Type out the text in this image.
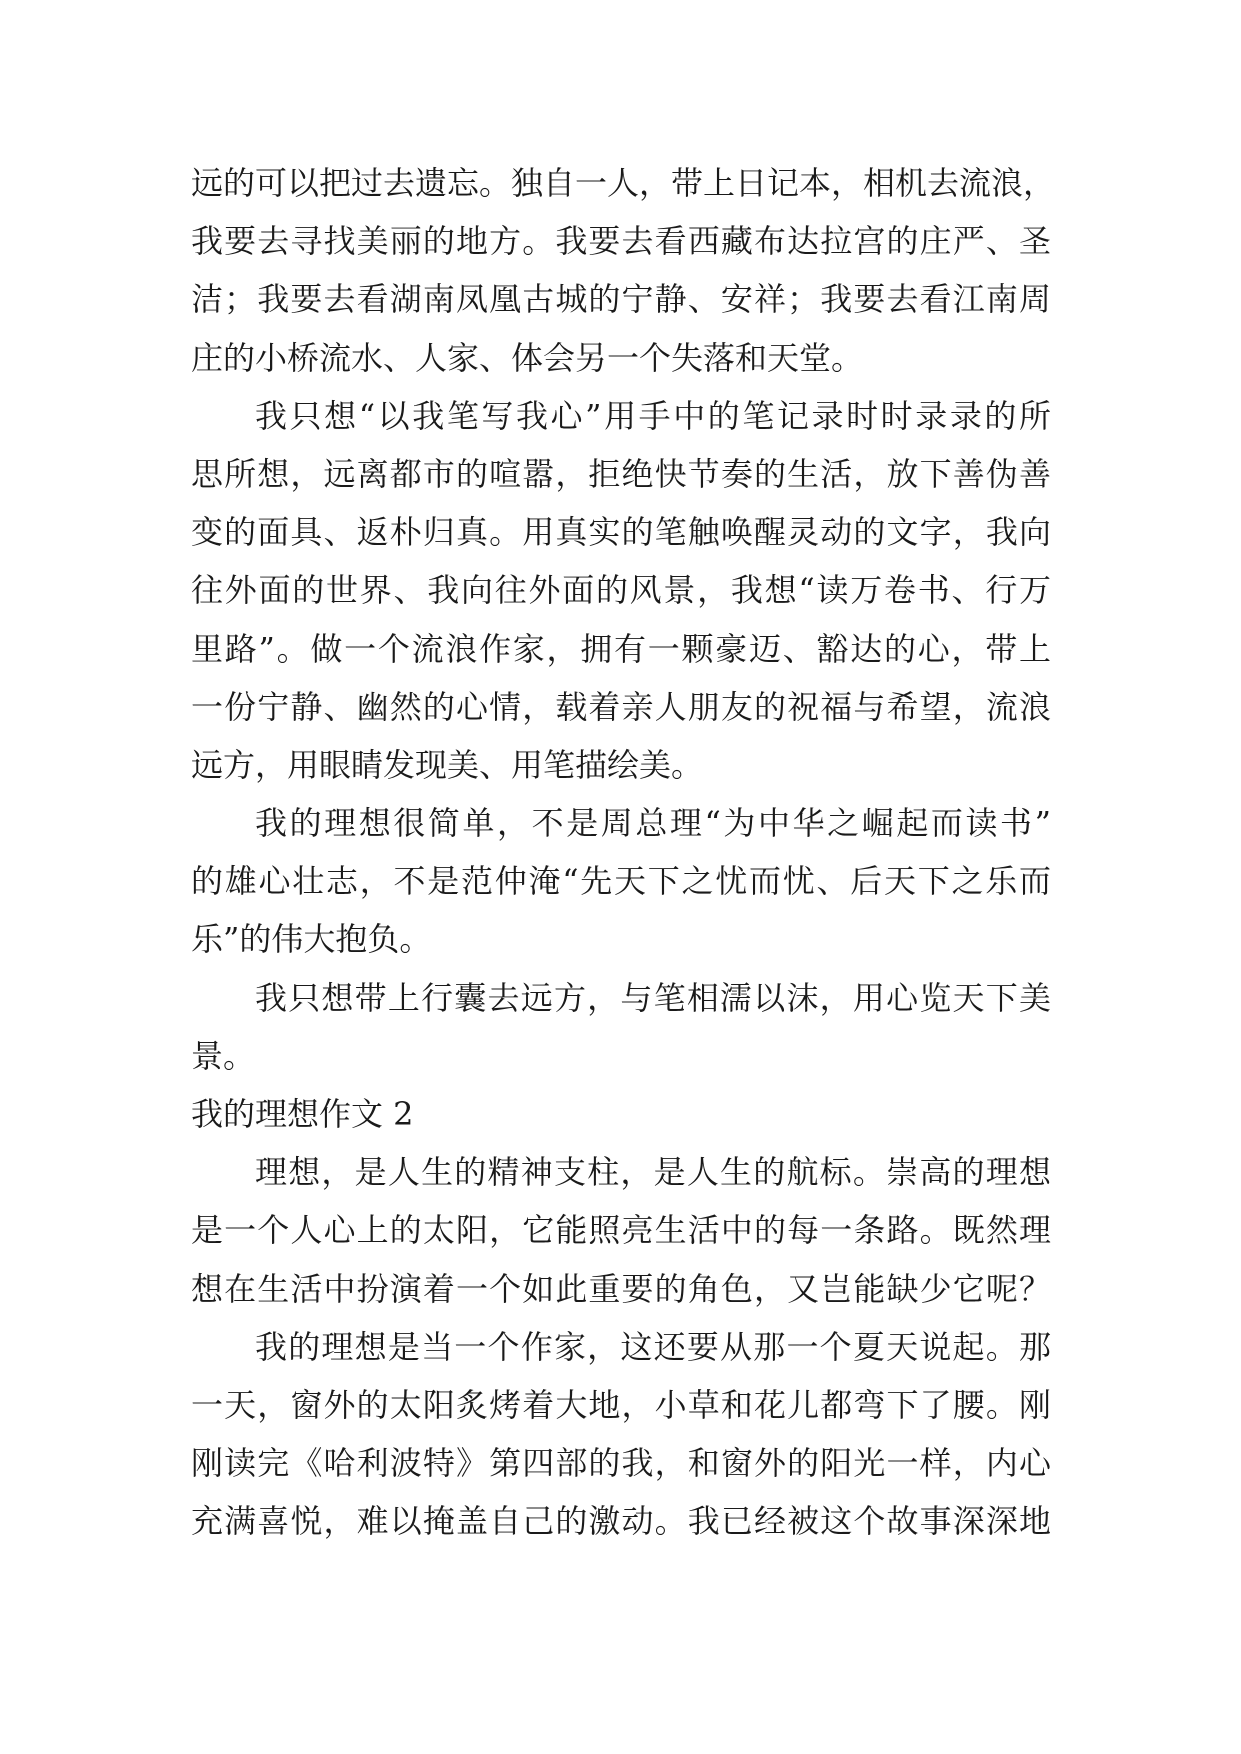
远的可以把过去遗忘。独自一人，带上日记本，相机去流浪，
我要去寻找美丽的地方。我要去看西藏布达拉宫的庄严、圣
洁；我要去看湖南凤凰古城的宁静、安祥；我要去看江南周
庄的小桥流水、人家、体会另一个失落和天堂。
我只想“以我笔写我心”用手中的笔记录时时录录的所
思所想，远离都市的喧嚣，拒绝快节奏的生活，放下善伪善
变的面具、返朴归真。用真实的笔触唤醒灵动的文字，我向
往外面的世界、我向往外面的风景，我想“读万卷书、行万
里路”。做一个流浪作家，拥有一颗豪迈、豁达的心，带上
一份宁静、幽然的心情，载着亲人朋友的祝福与希望，流浪
远方，用眼睛发现美、用笔描绘美。
我的理想很简单，不是周总理“为中华之崛起而读书”
的雄心壮志，不是范仲淹“先天下之忧而忧、后天下之乐而
乐”的伟大抱负。
我只想带上行囊去远方，与笔相濡以沫，用心览天下美
景。
我的理想作文 2
理想，是人生的精神支柱，是人生的航标。崇高的理想
是一个人心上的太阳，它能照亮生活中的每一条路。既然理
想在生活中扮演着一个如此重要的角色，又岂能缺少它呢？
我的理想是当一个作家，这还要从那一个夏天说起。那
一天，窗外的太阳炙烤着大地，小草和花儿都弯下了腰。刚
刚读完《哈利波特》第四部的我，和窗外的阳光一样，内心
充满喜悦，难以掩盖自己的激动。我已经被这个故事深深地
